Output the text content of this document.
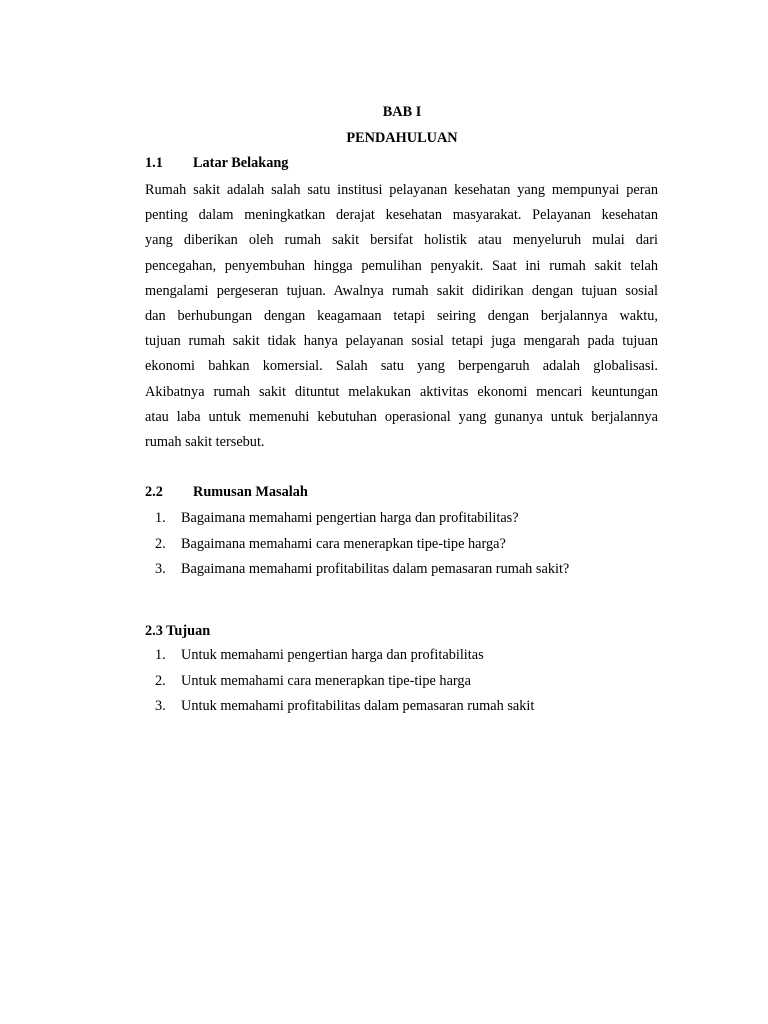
BAB I
PENDAHULUAN
1.1 Latar Belakang
Rumah sakit adalah salah satu institusi pelayanan kesehatan yang mempunyai peran
penting dalam meningkatkan derajat kesehatan masyarakat. Pelayanan kesehatan
yang diberikan oleh rumah sakit bersifat holistik atau menyeluruh mulai dari
pencegahan, penyembuhan hingga pemulihan penyakit. Saat ini rumah sakit telah
mengalami pergeseran tujuan. Awalnya rumah sakit didirikan dengan tujuan sosial
dan berhubungan dengan keagamaan tetapi seiring dengan berjalannya waktu,
tujuan rumah sakit tidak hanya pelayanan sosial tetapi juga mengarah pada tujuan
ekonomi bahkan komersial. Salah satu yang berpengaruh adalah globalisasi.
Akibatnya rumah sakit dituntut melakukan aktivitas ekonomi mencari keuntungan
atau laba untuk memenuhi kebutuhan operasional yang gunanya untuk berjalannya
rumah sakit tersebut.
2.2 Rumusan Masalah
1. Bagaimana memahami pengertian harga dan profitabilitas?
2. Bagaimana memahami cara menerapkan tipe-tipe harga?
3. Bagaimana memahami profitabilitas dalam pemasaran rumah sakit?
2.3 Tujuan
1. Untuk memahami pengertian harga dan profitabilitas
2. Untuk memahami cara menerapkan tipe-tipe harga
3. Untuk memahami profitabilitas dalam pemasaran rumah sakit
